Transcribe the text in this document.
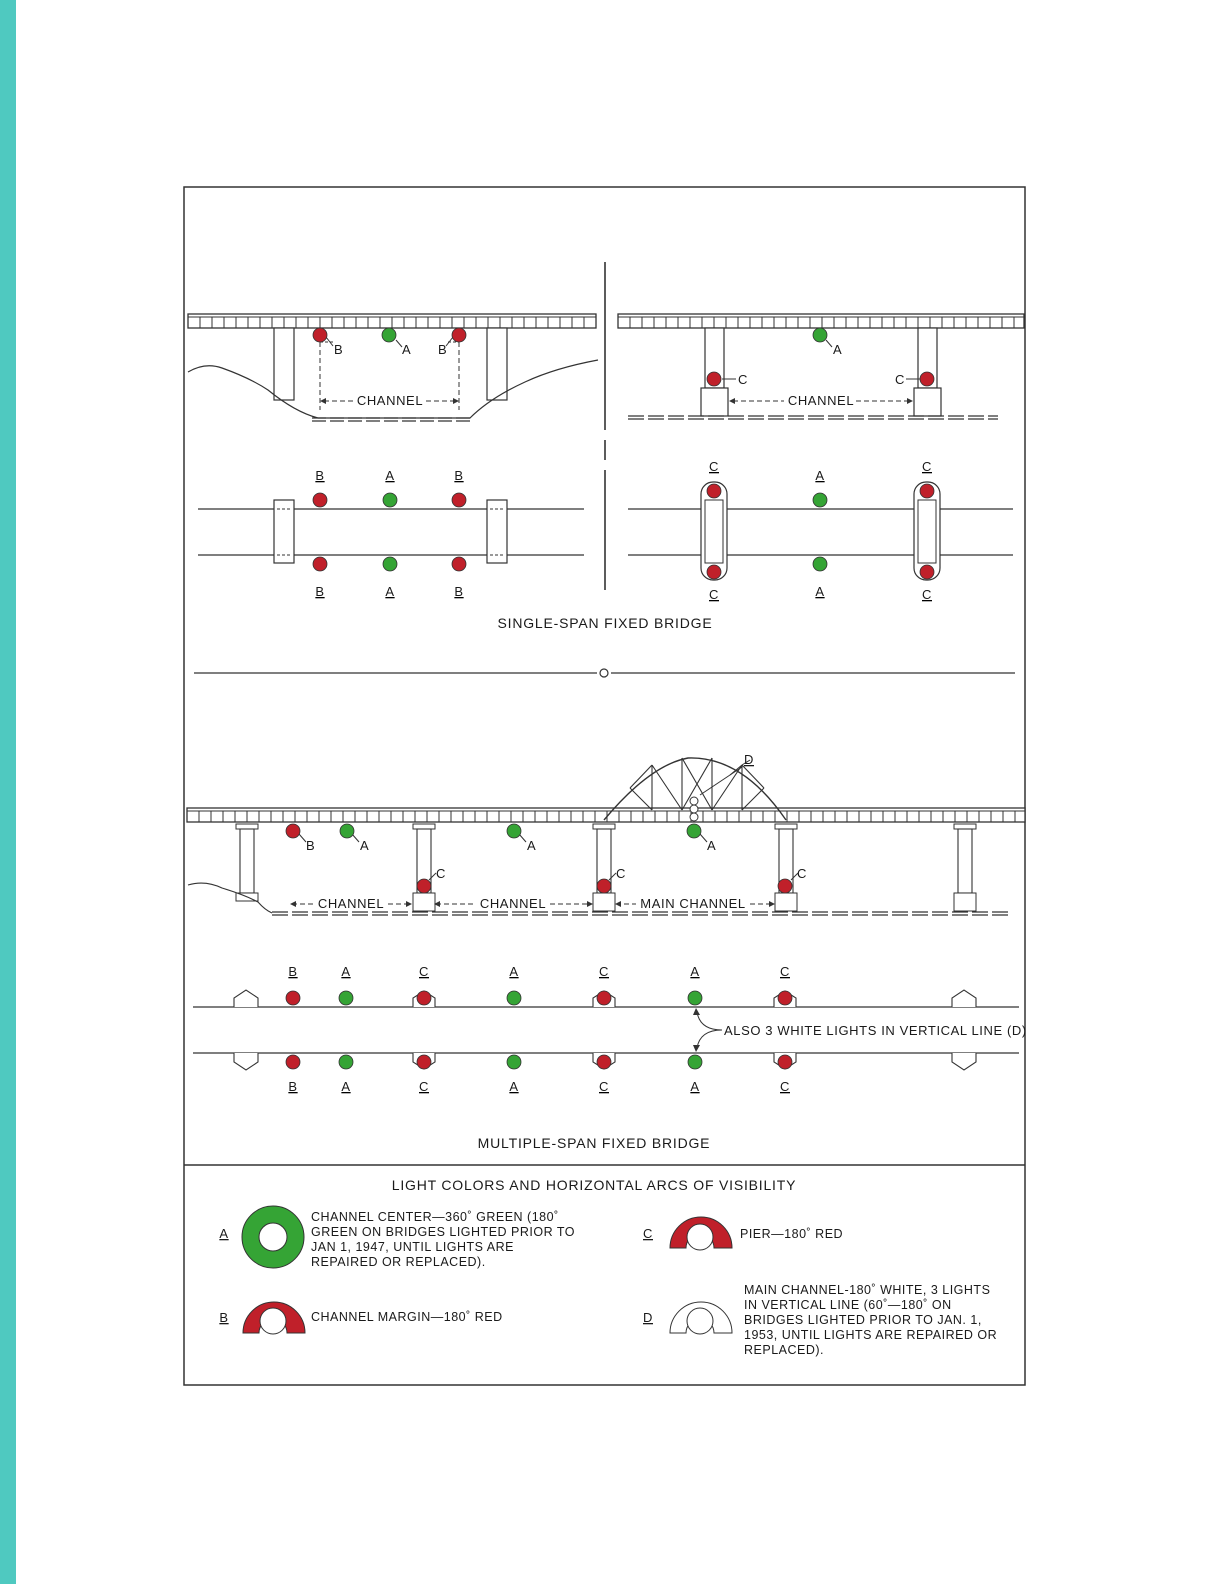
CHANNEL
B	A B
CHANNEL
A
C	C
B	A	B
B	A	B
C
A
C
C	A	C
SINGLE-SPAN FIXED BRIDGE
B	A	A	A
C	C	C
D
CHANNEL	CHANNEL	MAIN CHANNEL
ALSO 3 WHITE LIGHTS IN VERTICAL LINE (D)
B	A	C	A	C	A	C
B	A	C	A	C	A	C
MULTIPLE-SPAN FIXED BRIDGE
LIGHT COLORS AND HORIZONTAL ARCS OF VISIBILITY
A
CHANNEL CENTER—360˚ GREEN (180˚ GREEN ON BRIDGES LIGHTED PRIOR TO JAN 1, 1947, UNTIL LIGHTS ARE REPAIRED OR REPLACED).
B	CHANNEL MARGIN—180˚ RED
C	PIER—180˚ RED
D
MAIN CHANNEL-180˚ WHITE, 3 LIGHTS IN VERTICAL LINE (60˚—180˚ ON BRIDGES LIGHTED PRIOR TO JAN. 1, 1953, UNTIL LIGHTS ARE REPAIRED OR REPLACED).
